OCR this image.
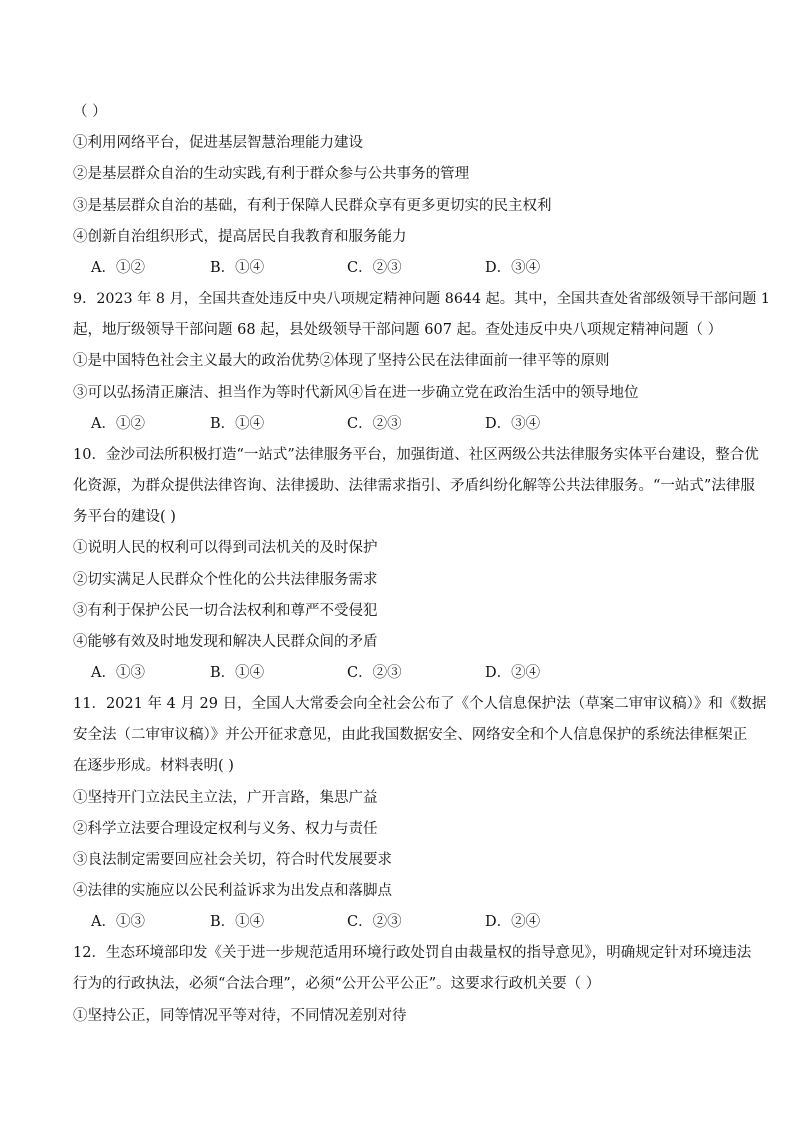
（ ）
①利用网络平台，促进基层智慧治理能力建设
②是基层群众自治的生动实践,有利于群众参与公共事务的管理
③是基层群众自治的基础，有利于保障人民群众享有更多更切实的民主权利
④创新自治组织形式，提高居民自我教育和服务能力
A．①②	B．①④	C．②③	D．③④
9．2023 年 8 月，全国共查处违反中央八项规定精神问题 8644 起。其中，全国共查处省部级领导干部问题 1
起，地厅级领导干部问题 68 起，县处级领导干部问题 607 起。查处违反中央八项规定精神问题（ ）
①是中国特色社会主义最大的政治优势②体现了坚持公民在法律面前一律平等的原则
③可以弘扬清正廉洁、担当作为等时代新风④旨在进一步确立党在政治生活中的领导地位
A．①②	B．①④	C．②③	D．③④
10．金沙司法所积极打造“一站式”法律服务平台，加强街道、社区两级公共法律服务实体平台建设，整合优
化资源，为群众提供法律咨询、法律援助、法律需求指引、矛盾纠纷化解等公共法律服务。“一站式”法律服
务平台的建设( )
①说明人民的权利可以得到司法机关的及时保护
②切实满足人民群众个性化的公共法律服务需求
③有利于保护公民一切合法权利和尊严不受侵犯
④能够有效及时地发现和解决人民群众间的矛盾
A．①③	B．①④	C．②③	D．②④
11．2021 年 4 月 29 日，全国人大常委会向全社会公布了《个人信息保护法（草案二审审议稿）》和《数据
安全法（二审审议稿）》并公开征求意见，由此我国数据安全、网络安全和个人信息保护的系统法律框架正
在逐步形成。材料表明( )
①坚持开门立法民主立法，广开言路，集思广益
②科学立法要合理设定权利与义务、权力与责任
③良法制定需要回应社会关切，符合时代发展要求
④法律的实施应以公民利益诉求为出发点和落脚点
A．①③	B．①④	C．②③	D．②④
12．生态环境部印发《关于进一步规范适用环境行政处罚自由裁量权的指导意见》，明确规定针对环境违法
行为的行政执法，必须“合法合理”，必须“公开公平公正”。这要求行政机关要（ ）
①坚持公正，同等情况平等对待，不同情况差别对待
